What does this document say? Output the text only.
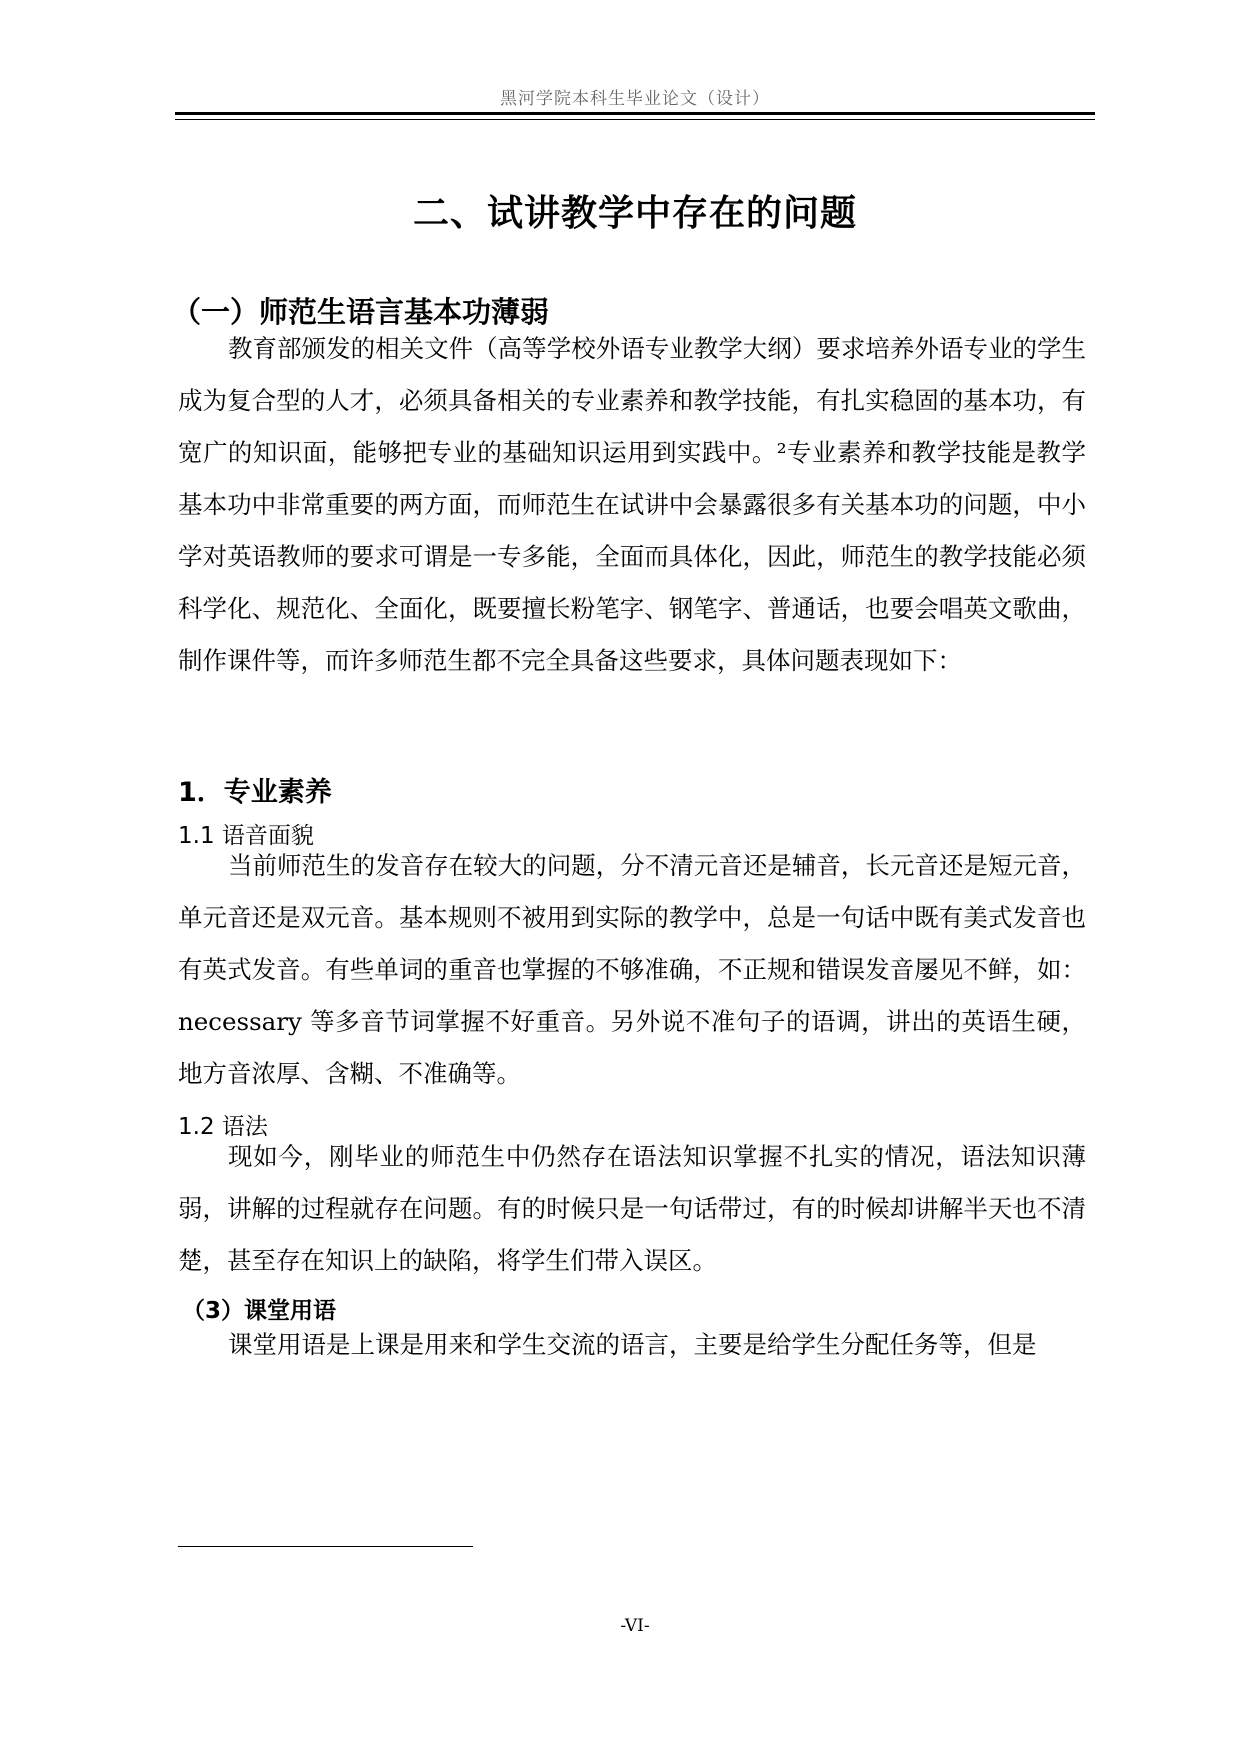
黑河学院本科生毕业论文（设计）
二、试讲教学中存在的问题
（一）师范生语言基本功薄弱

教育部颁发的相关文件（高等学校外语专业教学大纲）要求培养外语专业的学生成为复合型的人才，必须具备相关的专业素养和教学技能，有扎实稳固的基本功，有宽广的知识面，能够把专业的基础知识运用到实践中。²专业素养和教学技能是教学基本功中非常重要的两方面，而师范生在试讲中会暴露很多有关基本功的问题，中小学对英语教师的要求可谓是一专多能，全面而具体化，因此，师范生的教学技能必须科学化、规范化、全面化，既要擅长粉笔字、钢笔字、普通话，也要会唱英文歌曲，制作课件等，而许多师范生都不完全具备这些要求，具体问题表现如下：

1．专业素养
1.1 语音面貌

当前师范生的发音存在较大的问题，分不清元音还是辅音，长元音还是短元音，单元音还是双元音。基本规则不被用到实际的教学中，总是一句话中既有美式发音也有英式发音。有些单词的重音也掌握的不够准确，不正规和错误发音屡见不鲜，如：necessary 等多音节词掌握不好重音。另外说不准句子的语调，讲出的英语生硬，地方音浓厚、含糊、不准确等。

1.2 语法

现如今，刚毕业的师范生中仍然存在语法知识掌握不扎实的情况，语法知识薄弱，讲解的过程就存在问题。有的时候只是一句话带过，有的时候却讲解半天也不清楚，甚至存在知识上的缺陷，将学生们带入误区。

（3）课堂用语

课堂用语是上课是用来和学生交流的语言，主要是给学生分配任务等，但是

-VI-
